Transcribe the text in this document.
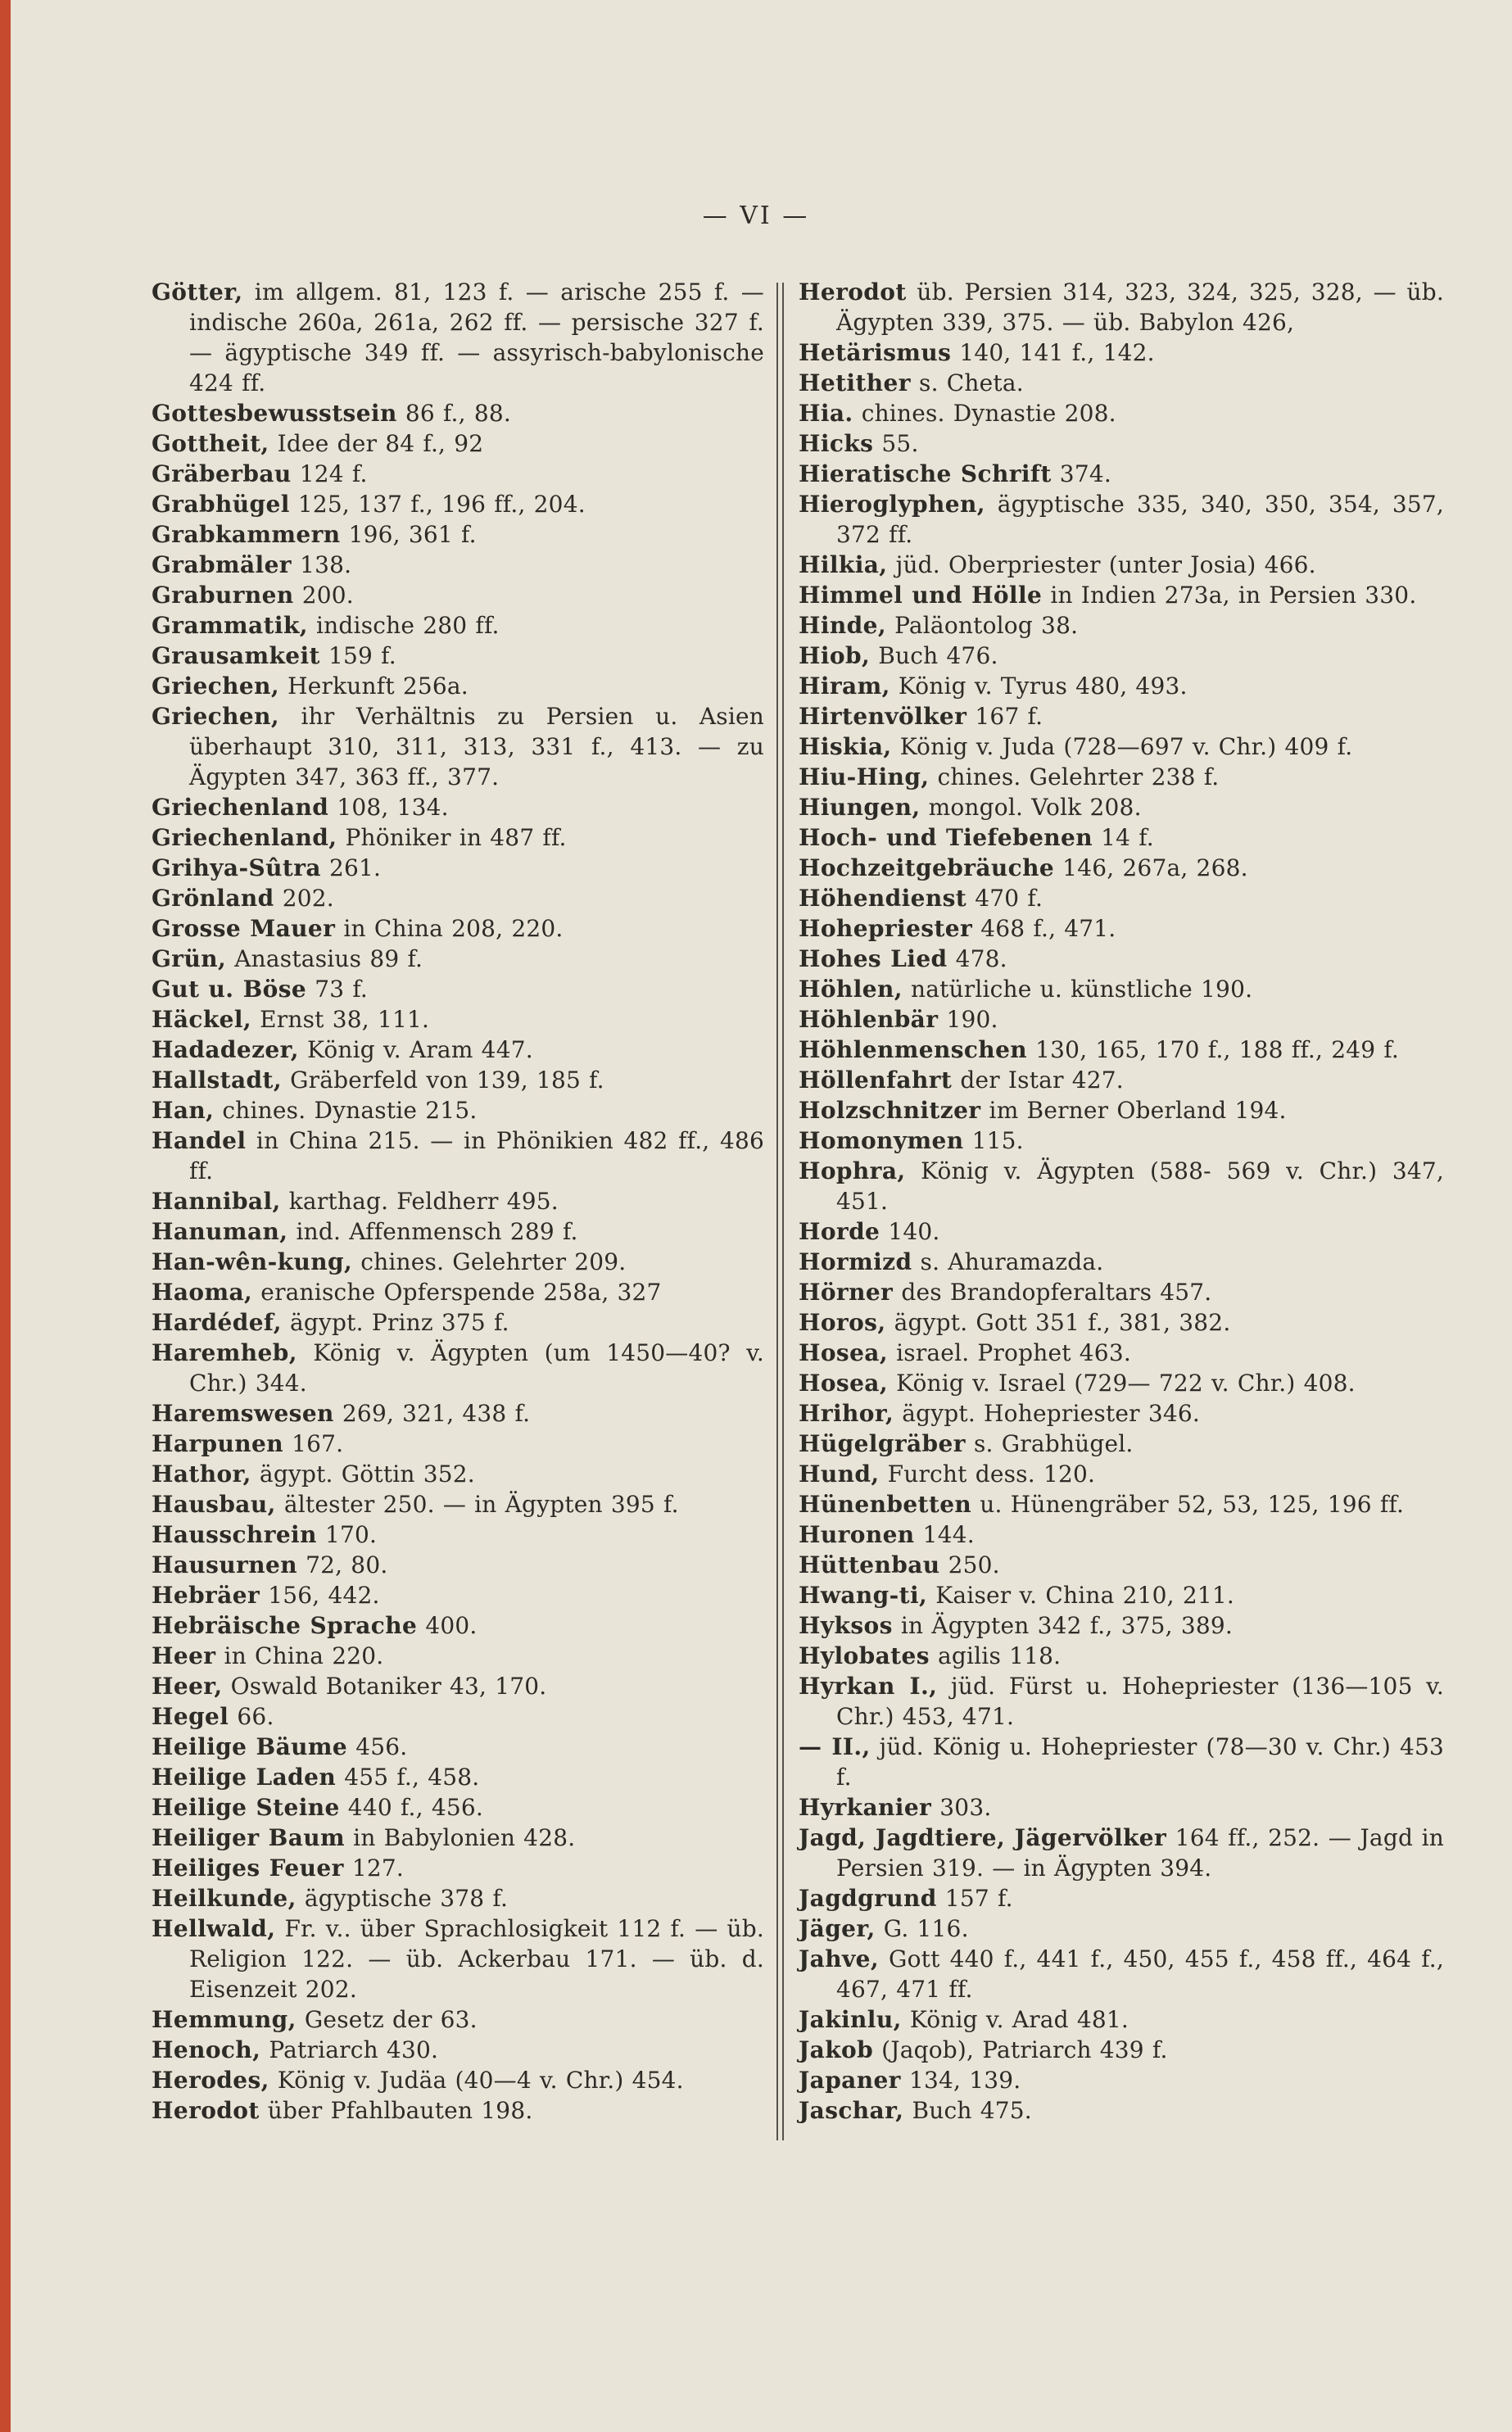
— VI —

Götter, im allgem. 81, 123 f. — arische 255 f. — indische 260a, 261a, 262 ff. — persische 327 f. — ägyptische 349 ff. — assyrisch-babylonische 424 ff.

Gottesbewusstsein 86 f., 88.

Gottheit, Idee der 84 f., 92

Gräberbau 124 f.

Grabhügel 125, 137 f., 196 ff., 204.

Grabkammern 196, 361 f.

Grabmäler 138.

Graburnen 200.

Grammatik, indische 280 ff.

Grausamkeit 159 f.

Griechen, Herkunft 256a.

Griechen, ihr Verhältnis zu Persien u. Asien überhaupt 310, 311, 313, 331 f., 413. — zu Ägypten 347, 363 ff., 377.

Griechenland 108, 134.

Griechenland, Phöniker in 487 ff.

Grihya-Sûtra 261.

Grönland 202.

Grosse Mauer in China 208, 220.

Grün, Anastasius 89 f.

Gut u. Böse 73 f.

Häckel, Ernst 38, 111.

Hadadezer, König v. Aram 447.

Hallstadt, Gräberfeld von 139, 185 f.

Han, chines. Dynastie 215.

Handel in China 215. — in Phönikien 482 ff., 486 ff.

Hannibal, karthag. Feldherr 495.

Hanuman, ind. Affenmensch 289 f.

Han-wên-kung, chines. Gelehrter 209.

Haoma, eranische Opferspende 258a, 327

Hardédef, ägypt. Prinz 375 f.

Haremheb, König v. Ägypten (um 1450—40? v. Chr.) 344.

Haremswesen 269, 321, 438 f.

Harpunen 167.

Hathor, ägypt. Göttin 352.

Hausbau, ältester 250. — in Ägypten 395 f.

Hausschrein 170.

Hausurnen 72, 80.

Hebräer 156, 442.

Hebräische Sprache 400.

Heer in China 220.

Heer, Oswald Botaniker 43, 170.

Hegel 66.

Heilige Bäume 456.

Heilige Laden 455 f., 458.

Heilige Steine 440 f., 456.

Heiliger Baum in Babylonien 428.

Heiliges Feuer 127.

Heilkunde, ägyptische 378 f.

Hellwald, Fr. v.. über Sprachlosigkeit 112 f. — üb. Religion 122. — üb. Ackerbau 171. — üb. d. Eisenzeit 202.

Hemmung, Gesetz der 63.

Henoch, Patriarch 430.

Herodes, König v. Judäa (40—4 v. Chr.) 454.

Herodot über Pfahlbauten 198.

Herodot üb. Persien 314, 323, 324, 325, 328, — üb. Ägypten 339, 375. — üb. Babylon 426,

Hetärismus 140, 141 f., 142.

Hetither s. Cheta.

Hia. chines. Dynastie 208.

Hicks 55.

Hieratische Schrift 374.

Hieroglyphen, ägyptische 335, 340, 350, 354, 357, 372 ff.

Hilkia, jüd. Oberpriester (unter Josia) 466.

Himmel und Hölle in Indien 273a, in Persien 330.

Hinde, Paläontolog 38.

Hiob, Buch 476.

Hiram, König v. Tyrus 480, 493.

Hirtenvölker 167 f.

Hiskia, König v. Juda (728—697 v. Chr.) 409 f.

Hiu-Hing, chines. Gelehrter 238 f.

Hiungen, mongol. Volk 208.

Hoch- und Tiefebenen 14 f.

Hochzeitgebräuche 146, 267a, 268.

Höhendienst 470 f.

Hohepriester 468 f., 471.

Hohes Lied 478.

Höhlen, natürliche u. künstliche 190.

Höhlenbär 190.

Höhlenmenschen 130, 165, 170 f., 188 ff., 249 f.

Höllenfahrt der Istar 427.

Holzschnitzer im Berner Oberland 194.

Homonymen 115.

Hophra, König v. Ägypten (588- 569 v. Chr.) 347, 451.

Horde 140.

Hormizd s. Ahuramazda.

Hörner des Brandopferaltars 457.

Horos, ägypt. Gott 351 f., 381, 382.

Hosea, israel. Prophet 463.

Hosea, König v. Israel (729— 722 v. Chr.) 408.

Hrihor, ägypt. Hohepriester 346.

Hügelgräber s. Grabhügel.

Hund, Furcht dess. 120.

Hünenbetten u. Hünengräber 52, 53, 125, 196 ff.

Huronen 144.

Hüttenbau 250.

Hwang-ti, Kaiser v. China 210, 211.

Hyksos in Ägypten 342 f., 375, 389.

Hylobates agilis 118.

Hyrkan I., jüd. Fürst u. Hohepriester (136—105 v. Chr.) 453, 471.

— II., jüd. König u. Hohepriester (78—30 v. Chr.) 453 f.

Hyrkanier 303.

Jagd, Jagdtiere, Jägervölker 164 ff., 252. — Jagd in Persien 319. — in Ägypten 394.

Jagdgrund 157 f.

Jäger, G. 116.

Jahve, Gott 440 f., 441 f., 450, 455 f., 458 ff., 464 f., 467, 471 ff.

Jakinlu, König v. Arad 481.

Jakob (Jaqob), Patriarch 439 f.

Japaner 134, 139.

Jaschar, Buch 475.
